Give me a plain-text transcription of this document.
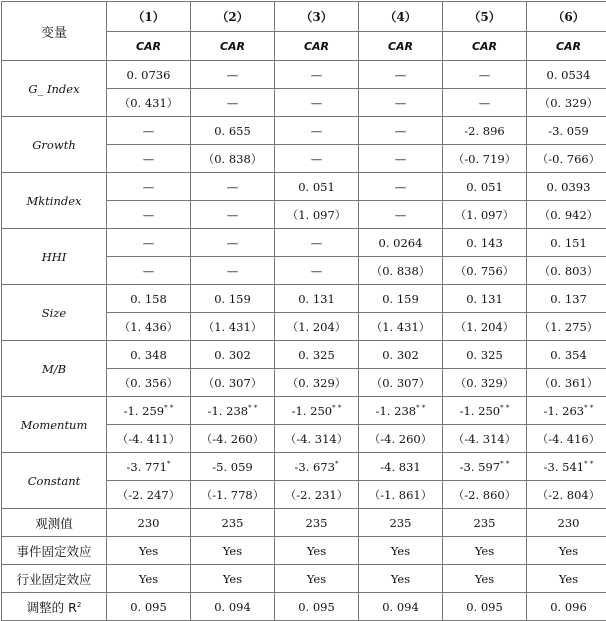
变量	（1）	（2）	（3）	（4）	（5）	（6）
	CAR	CAR	CAR	CAR	CAR	CAR
G_ Index	0. 0736	—	—	—	—	0. 0534
	（0. 431）	—	—	—	—	（0. 329）
Growth	—	0. 655	—	—	-2. 896	-3. 059
	—	（0. 838）	—	—	（-0. 719）	（-0. 766）
Mktindex	—	—	0. 051	—	0. 051	0. 0393
	—	—	（1. 097）	—	（1. 097）	（0. 942）
HHI	—	—	—	0. 0264	0. 143	0. 151
	—	—	—	（0. 838）	（0. 756）	（0. 803）
Size	0. 158	0. 159	0. 131	0. 159	0. 131	0. 137
	（1. 436）	（1. 431）	（1. 204）	（1. 431）	（1. 204）	（1. 275）
M/B	0. 348	0. 302	0. 325	0. 302	0. 325	0. 354
	（0. 356）	（0. 307）	（0. 329）	（0. 307）	（0. 329）	（0. 361）
Momentum	-1. 259* *	-1. 238* *	-1. 250* *	-1. 238* *	-1. 250* *	-1. 263* *
	（-4. 411）	（-4. 260）	（-4. 314）	（-4. 260）	（-4. 314）	（-4. 416）
Constant	-3. 771*	-5. 059	-3. 673*	-4. 831	-3. 597* *	-3. 541* *
	（-2. 247）	（-1. 778）	（-2. 231）	（-1. 861）	（-2. 860）	（-2. 804）
观测值	230	235	235	235	235	230
事件固定效应	Yes	Yes	Yes	Yes	Yes	Yes
行业固定效应	Yes	Yes	Yes	Yes	Yes	Yes
调整的 $R^2$	0. 095	0. 094	0. 095	0. 094	0. 095	0. 096
